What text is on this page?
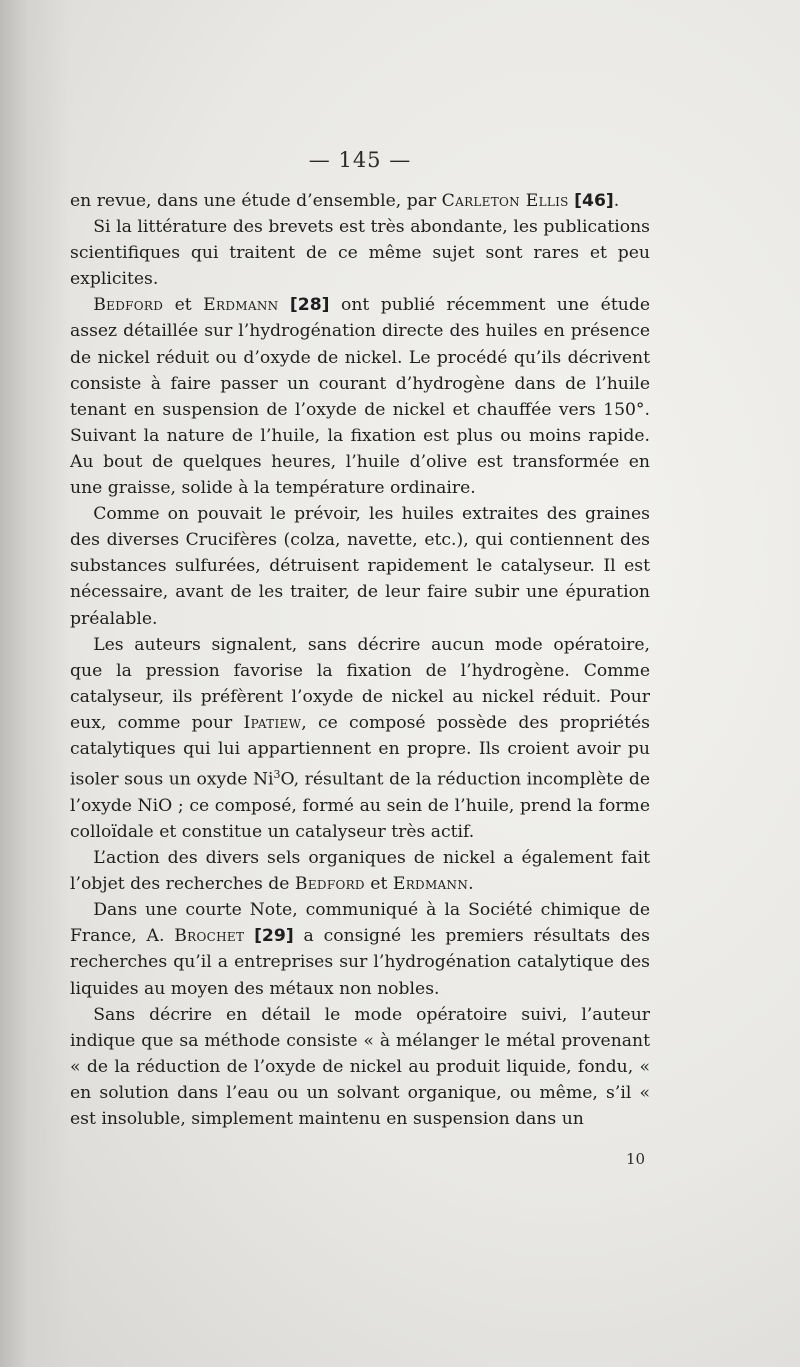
— 145 —

en revue, dans une étude d’ensemble, par Carleton Ellis [46].

Si la littérature des brevets est très abondante, les publications scientifiques qui traitent de ce même sujet sont rares et peu explicites.

Bedford et Erdmann [28] ont publié récemment une étude assez détaillée sur l’hydrogénation directe des huiles en présence de nickel réduit ou d’oxyde de nickel. Le procédé qu’ils décrivent consiste à faire passer un courant d’hydrogène dans de l’huile tenant en suspension de l’oxyde de nickel et chauffée vers 150°. Suivant la nature de l’huile, la fixation est plus ou moins rapide. Au bout de quelques heures, l’huile d’olive est transformée en une graisse, solide à la température ordinaire.

Comme on pouvait le prévoir, les huiles extraites des graines des diverses Crucifères (colza, navette, etc.), qui contiennent des substances sulfurées, détruisent rapidement le catalyseur. Il est nécessaire, avant de les traiter, de leur faire subir une épuration préalable.

Les auteurs signalent, sans décrire aucun mode opératoire, que la pression favorise la fixation de l’hydrogène. Comme catalyseur, ils préfèrent l’oxyde de nickel au nickel réduit. Pour eux, comme pour Ipatiew, ce composé possède des propriétés catalytiques qui lui appartiennent en propre. Ils croient avoir pu isoler sous un oxyde Ni$^3$O, résultant de la réduction incomplète de l’oxyde NiO ; ce composé, formé au sein de l’huile, prend la forme colloïdale et constitue un catalyseur très actif.

L’action des divers sels organiques de nickel a également fait l’objet des recherches de Bedford et Erdmann.

Dans une courte Note, communiqué à la Société chimique de France, A. Brochet [29] a consigné les premiers résultats des recherches qu’il a entreprises sur l’hydrogénation catalytique des liquides au moyen des métaux non nobles.

Sans décrire en détail le mode opératoire suivi, l’auteur indique que sa méthode consiste « à mélanger le métal provenant « de la réduction de l’oxyde de nickel au produit liquide, fondu, « en solution dans l’eau ou un solvant organique, ou même, s’il « est insoluble, simplement maintenu en suspension dans un

10
